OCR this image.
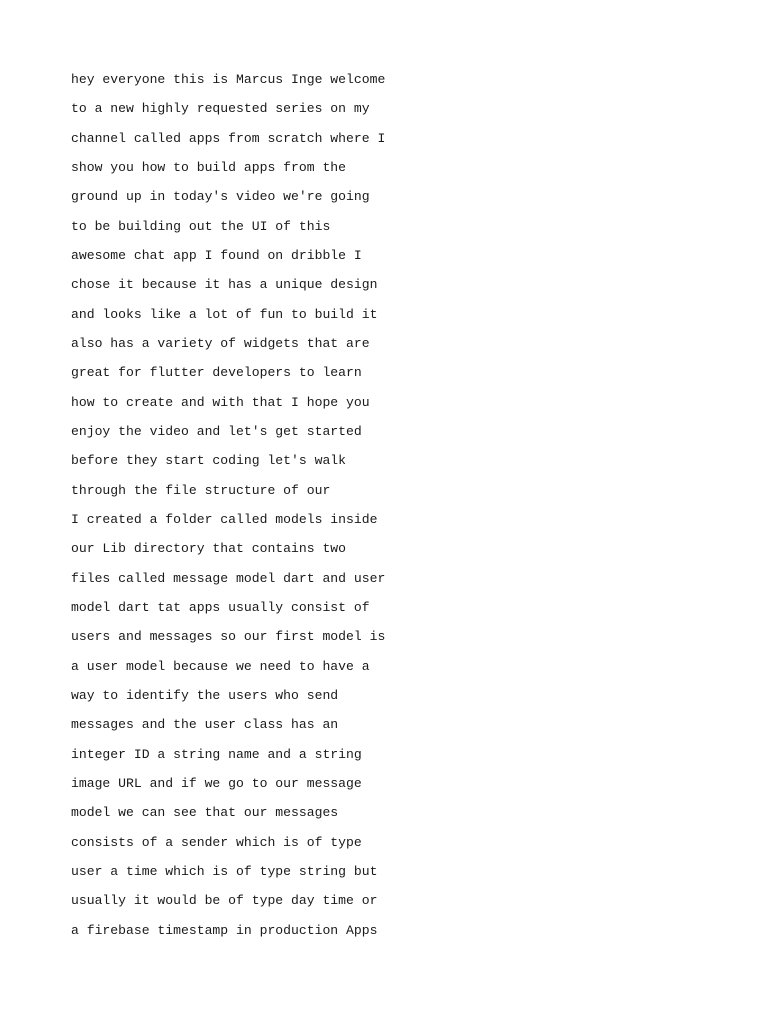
hey everyone this is Marcus Inge welcome
to a new highly requested series on my
channel called apps from scratch where I
show you how to build apps from the
ground up in today's video we're going
to be building out the UI of this
awesome chat app I found on dribble I
chose it because it has a unique design
and looks like a lot of fun to build it
also has a variety of widgets that are
great for flutter developers to learn
how to create and with that I hope you
enjoy the video and let's get started
before they start coding let's walk
through the file structure of our
I created a folder called models inside
our Lib directory that contains two
files called message model dart and user
model dart tat apps usually consist of
users and messages so our first model is
a user model because we need to have a
way to identify the users who send
messages and the user class has an
integer ID a string name and a string
image URL and if we go to our message
model we can see that our messages
consists of a sender which is of type
user a time which is of type string but
usually it would be of type day time or
a firebase timestamp in production Apps
